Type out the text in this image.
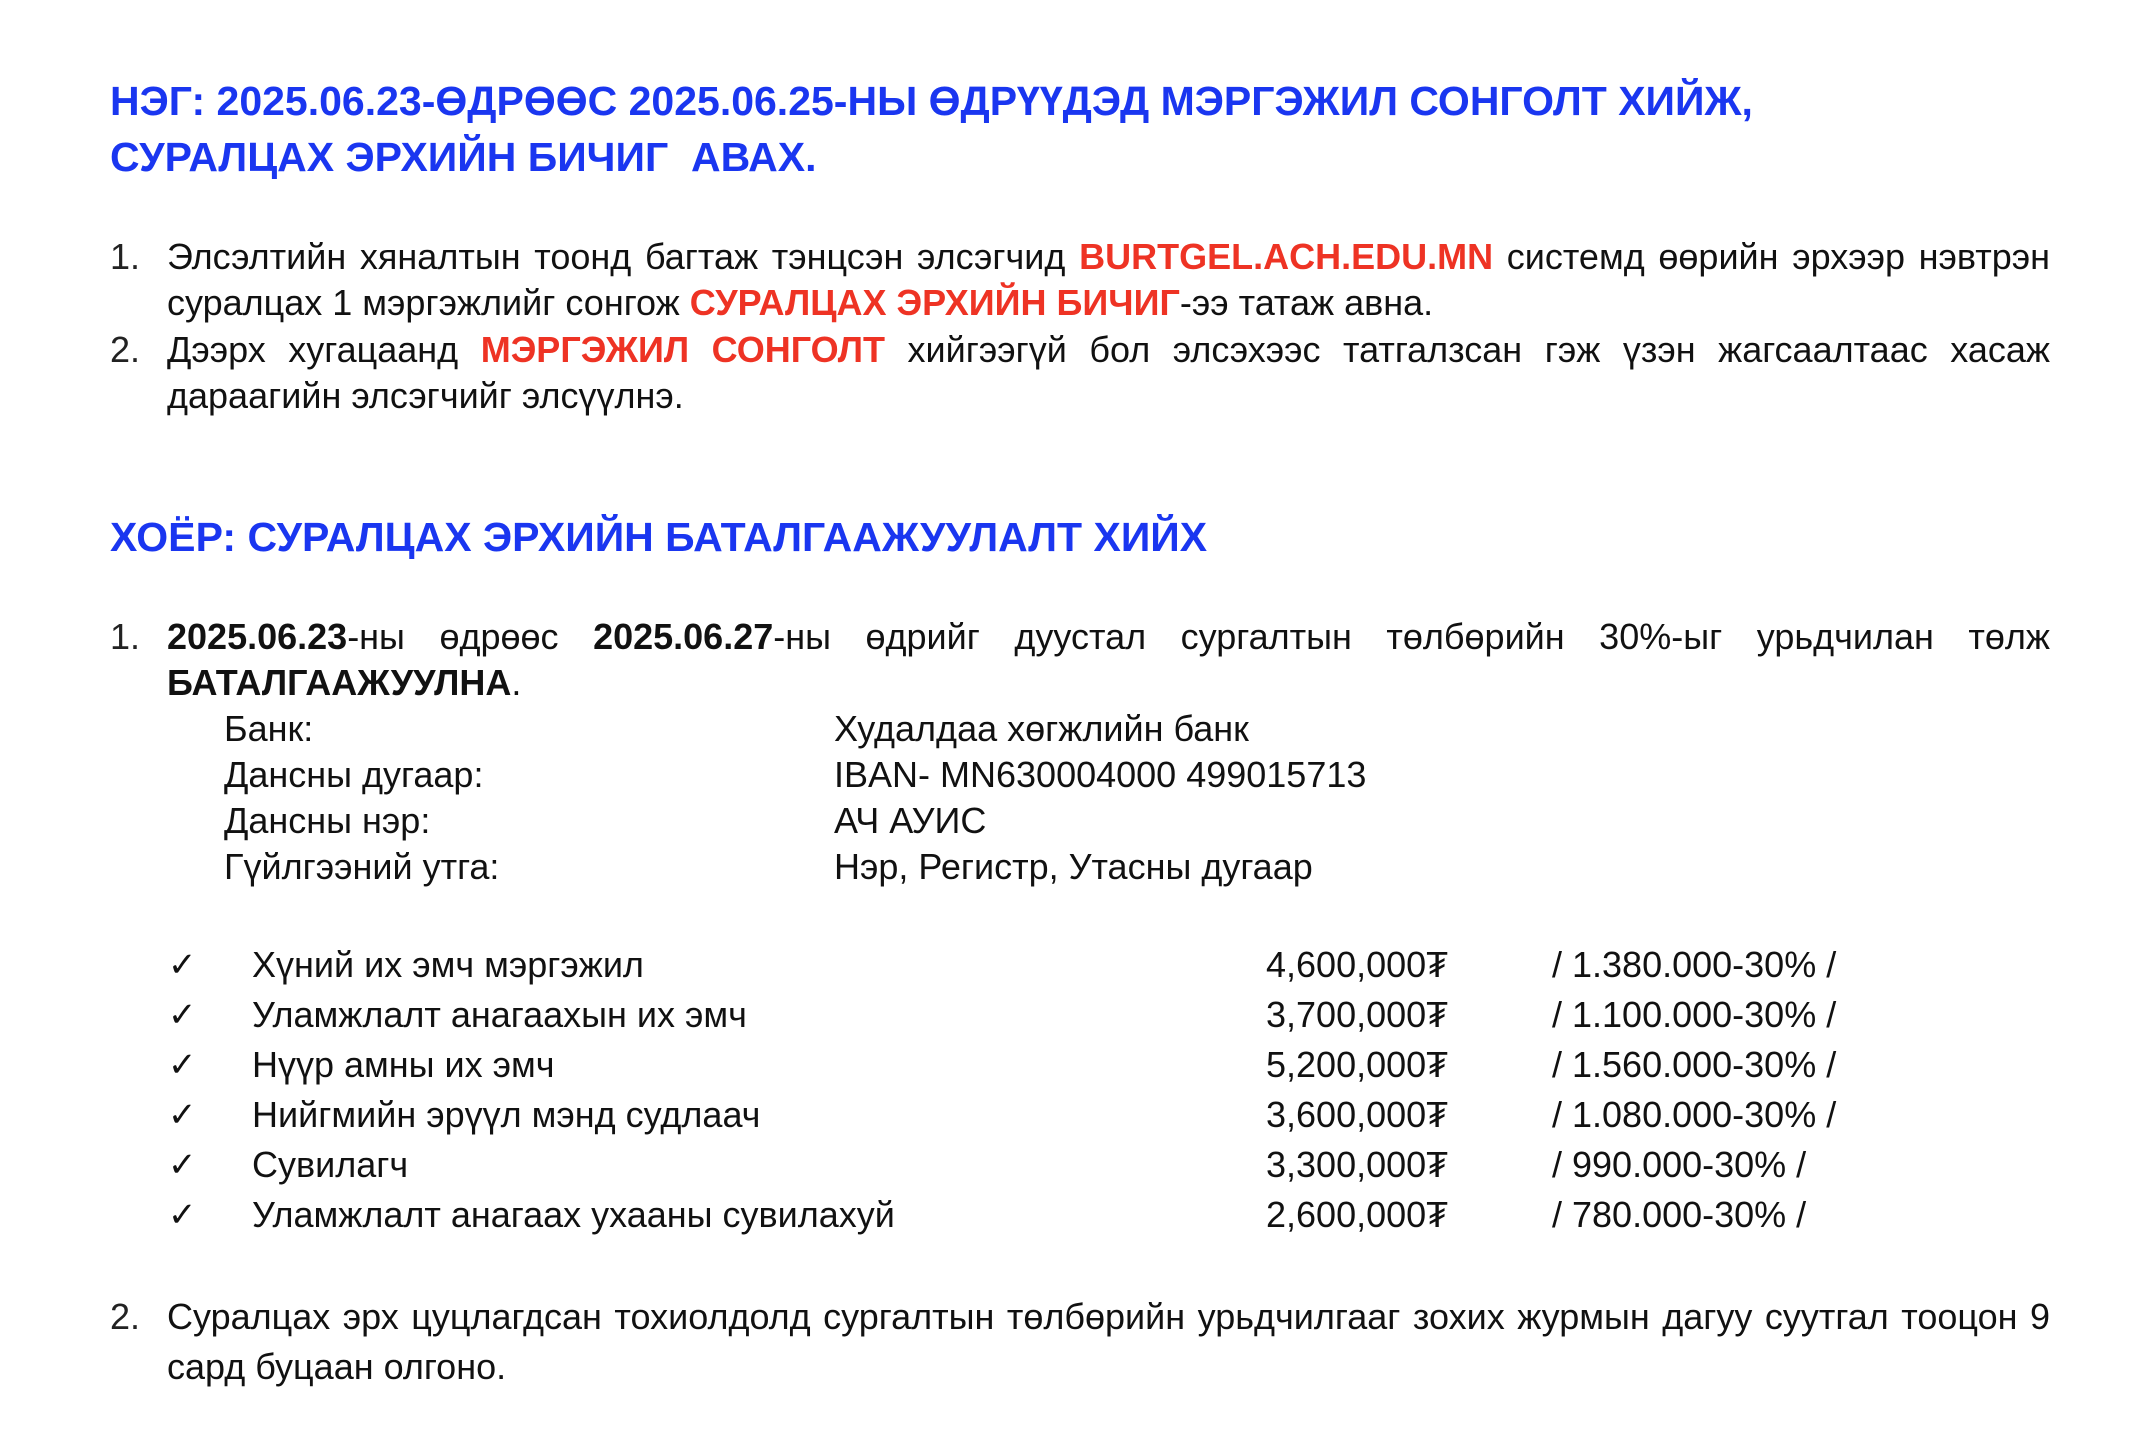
НЭГ: 2025.06.23-ӨДРӨӨС 2025.06.25-НЫ ӨДРҮҮДЭД МЭРГЭЖИЛ СОНГОЛТ ХИЙЖ,
СУРАЛЦАХ ЭРХИЙН БИЧИГ  АВАХ.
1. Элсэлтийн хяналтын тоонд багтаж тэнцсэн элсэгчид BURTGEL.ACH.EDU.MN системд өөрийн эрхээр нэвтрэн суралцах 1 мэргэжлийг сонгож СУРАЛЦАХ ЭРХИЙН БИЧИГ-ээ татаж авна.
2. Дээрх хугацаанд МЭРГЭЖИЛ СОНГОЛТ хийгээгүй бол элсэхээс татгалзсан гэж үзэн жагсаалтаас хасаж дараагийн элсэгчийг элсүүлнэ.
ХОЁР: СУРАЛЦАХ ЭРХИЙН БАТАЛГААЖУУЛАЛТ ХИЙХ
1. 2025.06.23-ны өдрөөс 2025.06.27-ны өдрийг дуустал сургалтын төлбөрийн 30%-ыг урьдчилан төлж БАТАЛГААЖУУЛНА.
Банк:	Худалдаа хөгжлийн банк
Дансны дугаар:	IBAN- MN630004000 499015713
Дансны нэр:	АЧ АУИС
Гүйлгээний утга:	Нэр, Регистр, Утасны дугаар
✓ Хүний их эмч мэргэжил	4,600,000₮	/ 1.380.000-30% /
✓ Уламжлалт анагаахын их эмч	3,700,000₮	/ 1.100.000-30% /
✓ Нүүр амны их эмч	5,200,000₮	/ 1.560.000-30% /
✓ Нийгмийн эрүүл мэнд судлаач	3,600,000₮	/ 1.080.000-30% /
✓ Сувилагч	3,300,000₮	/ 990.000-30% /
✓ Уламжлалт анагаах ухааны сувилахуй	2,600,000₮	/ 780.000-30% /
2. Суралцах эрх цуцлагдсан тохиолдолд сургалтын төлбөрийн урьдчилгааг зохих журмын дагуу суутгал тооцон 9 сард буцаан олгоно.
